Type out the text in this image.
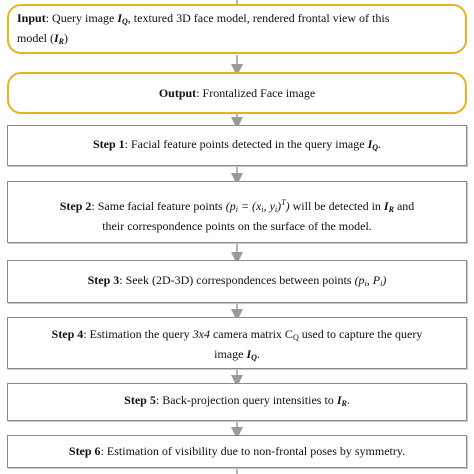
Input: Query image $I_Q$, textured 3D face model, rendered frontal view of this
model $(I_R)$
Output: Frontalized Face image
Step 1: Facial feature points detected in the query image $I_Q$.
Step 2: Same facial feature points ($p_i = (x_i$, $y_i)^T$) will be detected in $I_R$ and
their correspondence points on the surface of the model.
Step 3: Seek (2D-3D) correspondences between points ($p_i$, $P_i$)
Step 4: Estimation the query 3x4 camera matrix $C_Q$ used to capture the query
image $I_Q$.
Step 5: Back-projection query intensities to $I_R$.
Step 6: Estimation of visibility due to non-frontal poses by symmetry.
